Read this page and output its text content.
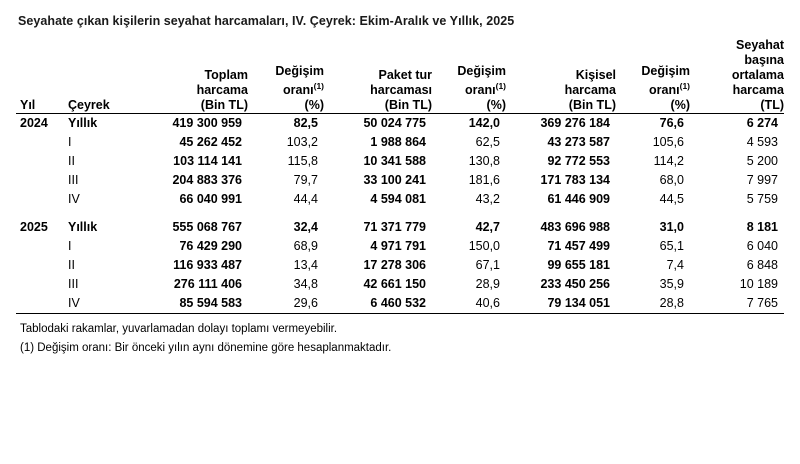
Seyahate çıkan kişilerin seyahat harcamaları, IV. Çeyrek: Ekim-Aralık ve Yıllık, 2025
Yıl	Çeyrek	Toplam
harcama
(Bin TL)	Değişim
oranı$^{(1)}$
(%)	Paket tur
harcaması
(Bin TL)	Değişim
oranı$^{(1)}$
(%)	Kişisel
harcama
(Bin TL)	Değişim
oranı$^{(1)}$
(%)	Seyahat
başına
ortalama
harcama
(TL)

2024	Yıllık	419 300 959	82,5	50 024 775	142,0	369 276 184	76,6	6 274
	I	45 262 452	103,2	1 988 864	62,5	43 273 587	105,6	4 593
	II	103 114 141	115,8	10 341 588	130,8	92 772 553	114,2	5 200
	III	204 883 376	79,7	33 100 241	181,6	171 783 134	68,0	7 997
	IV	66 040 991	44,4	4 594 081	43,2	61 446 909	44,5	5 759

2025	Yıllık	555 068 767	32,4	71 371 779	42,7	483 696 988	31,0	8 181
	I	76 429 290	68,9	4 971 791	150,0	71 457 499	65,1	6 040
	II	116 933 487	13,4	17 278 306	67,1	99 655 181	7,4	6 848
	III	276 111 406	34,8	42 661 150	28,9	233 450 256	35,9	10 189
	IV	85 594 583	29,6	6 460 532	40,6	79 134 051	28,8	7 765

Tablodaki rakamlar, yuvarlamadan dolayı toplamı vermeyebilir.
(1) Değişim oranı: Bir önceki yılın aynı dönemine göre hesaplanmaktadır.
